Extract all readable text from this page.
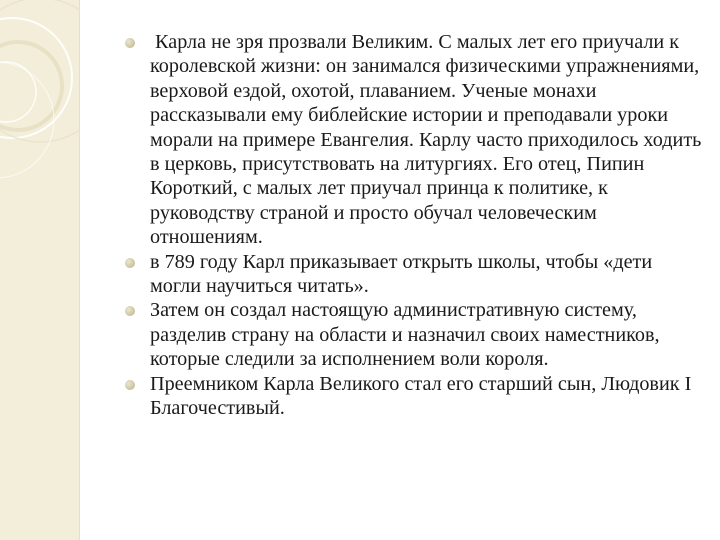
Карла не зря прозвали Великим. С малых лет его приучали к королевской жизни: он занимался физическими упражнениями, верховой ездой, охотой, плаванием. Ученые монахи рассказывали ему библейские истории и преподавали уроки морали на примере Евангелия. Карлу часто приходилось ходить в церковь, присутствовать на литургиях. Его отец, Пипин Короткий, с малых лет приучал принца к политике, к руководству страной и просто обучал человеческим отношениям.
в 789 году Карл приказывает открыть школы, чтобы «дети могли научиться читать».
Затем он создал настоящую административную систему, разделив страну на области и назначил своих наместников, которые следили за исполнением воли короля.
Преемником Карла Великого стал его старший сын, Людовик I Благочестивый.
